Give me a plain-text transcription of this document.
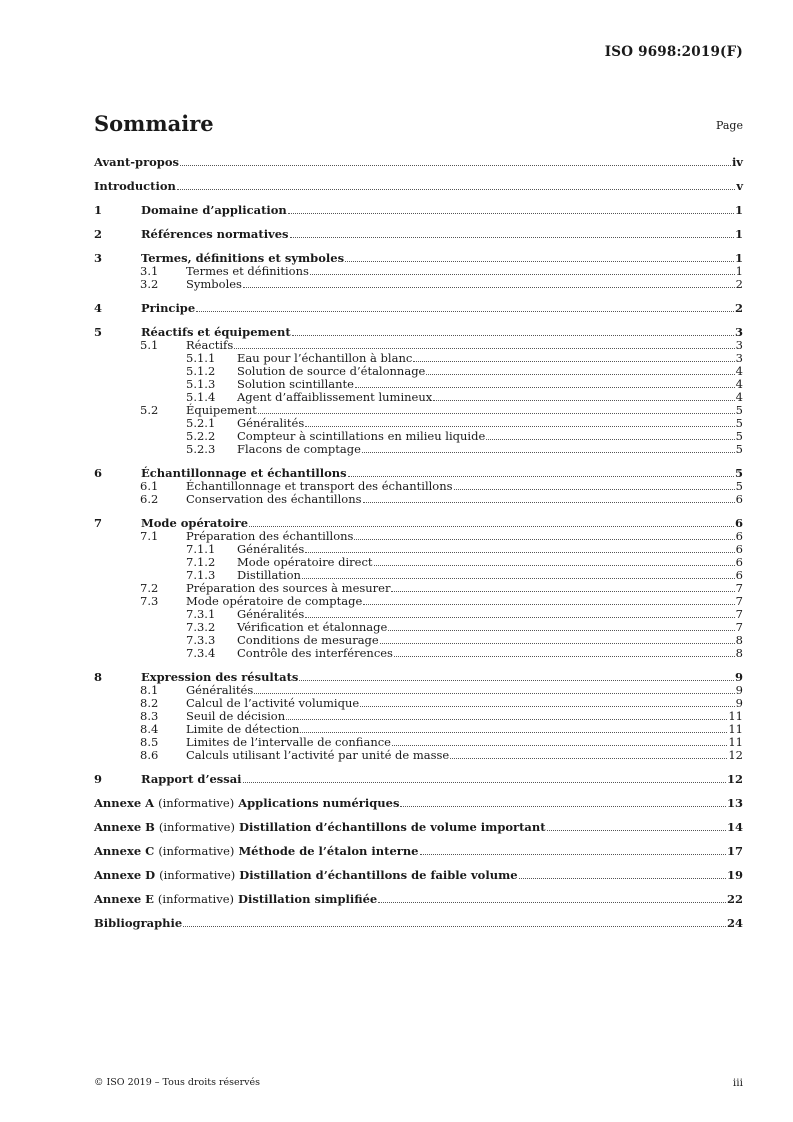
ISO 9698:2019(F)
Sommaire	Page
Avant-propos	iv
Introduction	v
1	Domaine d’application	1
2	Références normatives	1
3	Termes, définitions et symboles	1
3.1	Termes et définitions	1
3.2	Symboles	2
4	Principe	2
5	Réactifs et équipement	3
5.1	Réactifs	3
5.1.1	Eau pour l’échantillon à blanc	3
5.1.2	Solution de source d’étalonnage	4
5.1.3	Solution scintillante	4
5.1.4	Agent d’affaiblissement lumineux	4
5.2	Équipement	5
5.2.1	Généralités	5
5.2.2	Compteur à scintillations en milieu liquide	5
5.2.3	Flacons de comptage	5
6	Échantillonnage et échantillons	5
6.1	Échantillonnage et transport des échantillons	5
6.2	Conservation des échantillons	6
7	Mode opératoire	6
7.1	Préparation des échantillons	6
7.1.1	Généralités	6
7.1.2	Mode opératoire direct	6
7.1.3	Distillation	6
7.2	Préparation des sources à mesurer	7
7.3	Mode opératoire de comptage	7
7.3.1	Généralités	7
7.3.2	Vérification et étalonnage	7
7.3.3	Conditions de mesurage	8
7.3.4	Contrôle des interférences	8
8	Expression des résultats	9
8.1	Généralités	9
8.2	Calcul de l’activité volumique	9
8.3	Seuil de décision	11
8.4	Limite de détection	11
8.5	Limites de l’intervalle de confiance	11
8.6	Calculs utilisant l’activité par unité de masse	12
9	Rapport d’essai	12
Annexe A (informative) Applications numériques	13
Annexe B (informative) Distillation d’échantillons de volume important	14
Annexe C (informative) Méthode de l’étalon interne	17
Annexe D (informative) Distillation d’échantillons de faible volume	19
Annexe E (informative) Distillation simplifiée	22
Bibliographie	24
© ISO 2019 – Tous droits réservés	iii
